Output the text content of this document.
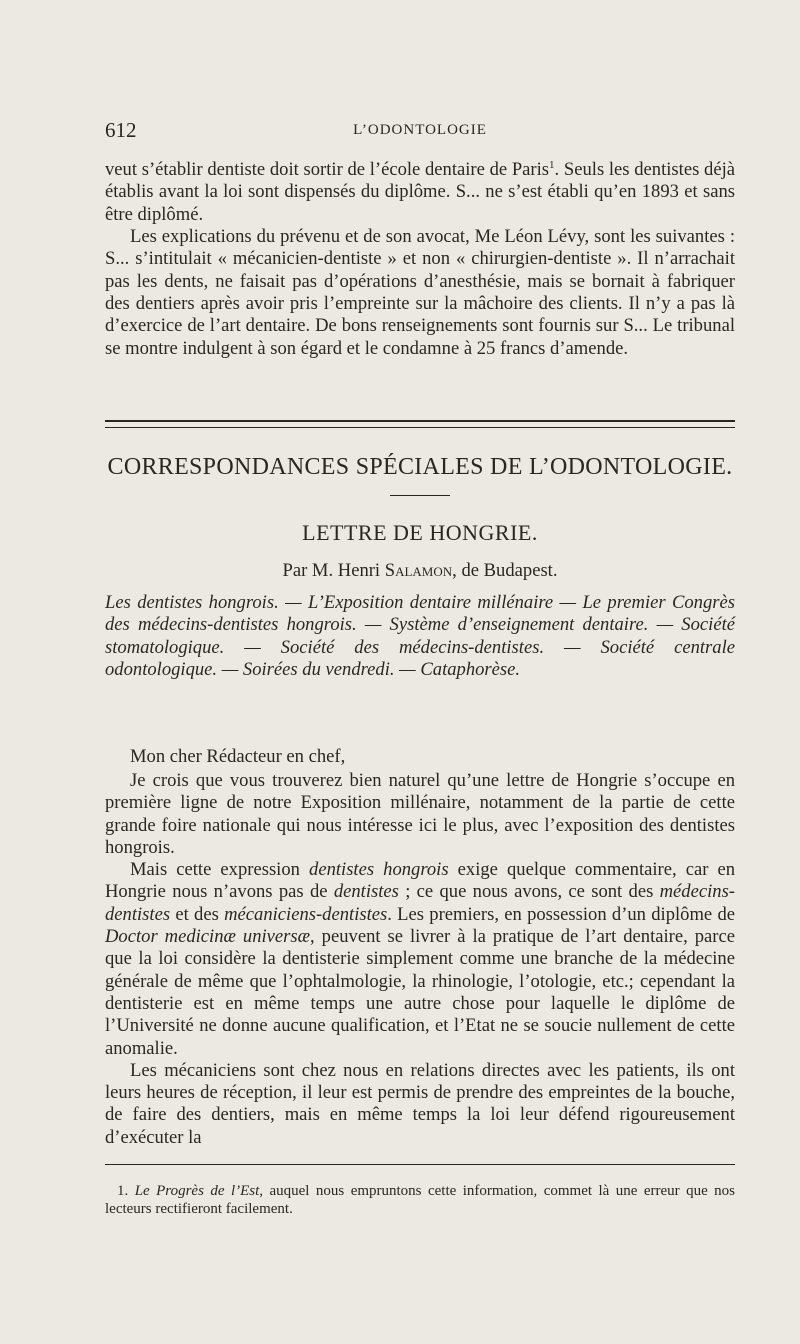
612	L’ODONTOLOGIE

veut s’établir dentiste doit sortir de l’école dentaire de Paris$^1$. Seuls les dentistes déjà établis avant la loi sont dispensés du diplôme. S... ne s’est établi qu’en 1893 et sans être diplômé.

Les explications du prévenu et de son avocat, Me Léon Lévy, sont les suivantes : S... s’intitulait « mécanicien-dentiste » et non « chirurgien-dentiste ». Il n’arrachait pas les dents, ne faisait pas d’opérations d’anesthésie, mais se bornait à fabriquer des dentiers après avoir pris l’empreinte sur la mâchoire des clients. Il n’y a pas là d’exercice de l’art dentaire. De bons renseignements sont fournis sur S... Le tribunal se montre indulgent à son égard et le condamne à 25 francs d’amende.

CORRESPONDANCES SPÉCIALES DE L’ODONTOLOGIE.
LETTRE DE HONGRIE.
Par M. Henri Salamon, de Budapest.
Les dentistes hongrois. — L’Exposition dentaire millénaire — Le premier Congrès des médecins-dentistes hongrois. — Système d’enseignement dentaire. — Société stomatologique. — Société des médecins-dentistes. — Société centrale odontologique. — Soirées du vendredi. — Cataphorèse.
Mon cher Rédacteur en chef,

Je crois que vous trouverez bien naturel qu’une lettre de Hongrie s’occupe en première ligne de notre Exposition millénaire, notamment de la partie de cette grande foire nationale qui nous intéresse ici le plus, avec l’exposition des dentistes hongrois.

Mais cette expression dentistes hongrois exige quelque commentaire, car en Hongrie nous n’avons pas de dentistes ; ce que nous avons, ce sont des médecins-dentistes et des mécaniciens-dentistes. Les premiers, en possession d’un diplôme de Doctor medicinæ universæ, peuvent se livrer à la pratique de l’art dentaire, parce que la loi considère la dentisterie simplement comme une branche de la médecine générale de même que l’ophtalmologie, la rhinologie, l’otologie, etc.; cependant la dentisterie est en même temps une autre chose pour laquelle le diplôme de l’Université ne donne aucune qualification, et l’Etat ne se soucie nullement de cette anomalie.

Les mécaniciens sont chez nous en relations directes avec les patients, ils ont leurs heures de réception, il leur est permis de prendre des empreintes de la bouche, de faire des dentiers, mais en même temps la loi leur défend rigoureusement d’exécuter la

1. Le Progrès de l’Est, auquel nous empruntons cette information, commet là une erreur que nos lecteurs rectifieront facilement.
